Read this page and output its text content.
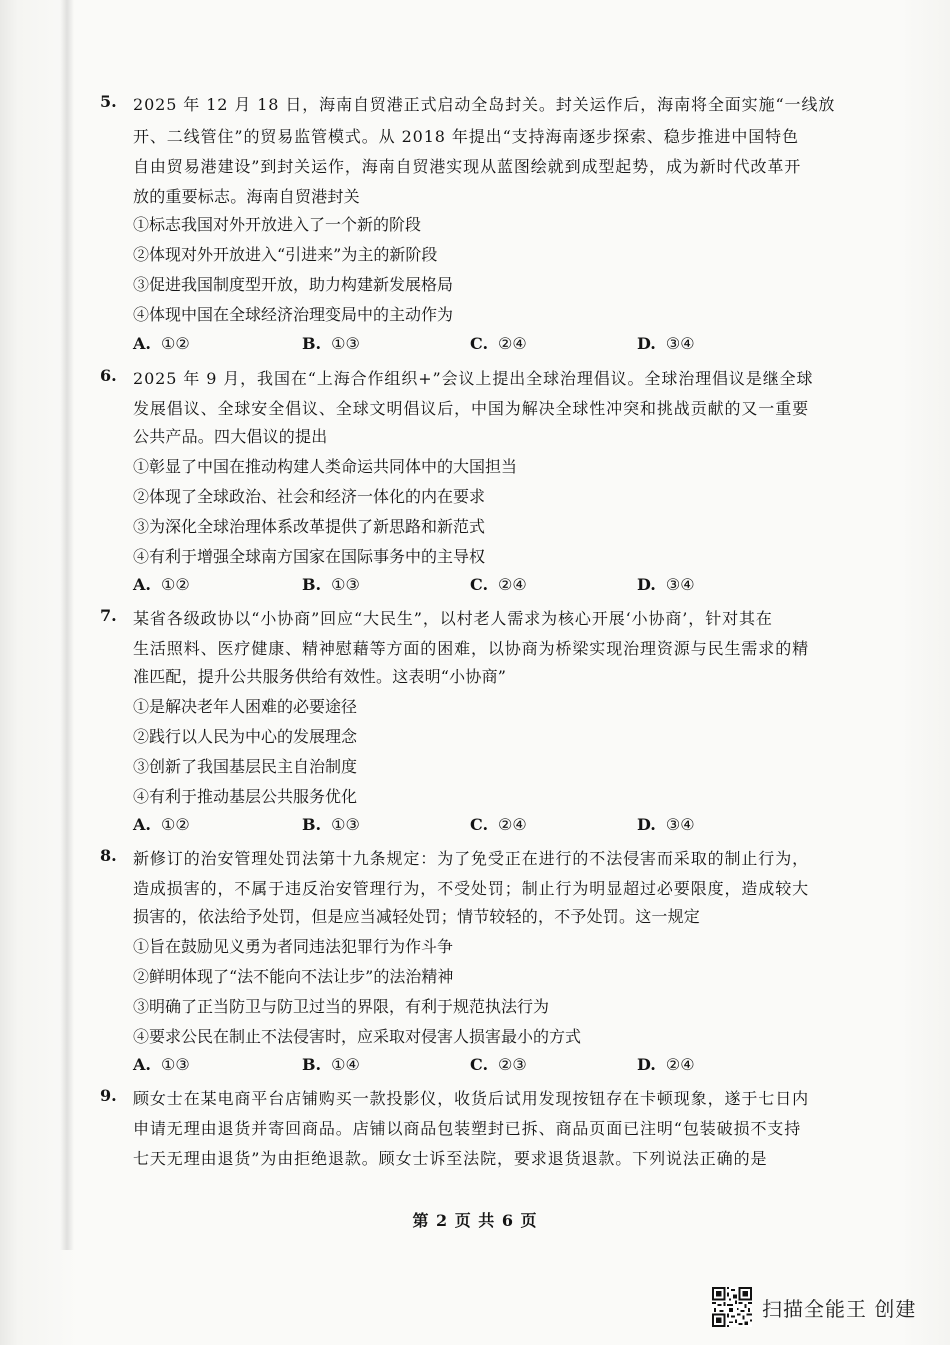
5. 2025 年 12 月 18 日，海南自贸港正式启动全岛封关。封关运作后，海南将全面实施“一线放
开、二线管住”的贸易监管模式。从 2018 年提出“支持海南逐步探索、稳步推进中国特色
自由贸易港建设”到封关运作，海南自贸港实现从蓝图绘就到成型起势，成为新时代改革开
放的重要标志。海南自贸港封关
①标志我国对外开放进入了一个新的阶段
②体现对外开放进入“引进来”为主的新阶段
③促进我国制度型开放，助力构建新发展格局
④体现中国在全球经济治理变局中的主动作为
A. ①②	B. ①③	C. ②④	D. ③④
6. 2025 年 9 月，我国在“上海合作组织+”会议上提出全球治理倡议。全球治理倡议是继全球
发展倡议、全球安全倡议、全球文明倡议后，中国为解决全球性冲突和挑战贡献的又一重要
公共产品。四大倡议的提出
①彰显了中国在推动构建人类命运共同体中的大国担当
②体现了全球政治、社会和经济一体化的内在要求
③为深化全球治理体系改革提供了新思路和新范式
④有利于增强全球南方国家在国际事务中的主导权
A. ①②	B. ①③	C. ②④	D. ③④
7. 某省各级政协以“小协商”回应“大民生”，以村老人需求为核心开展‘小协商’，针对其在
生活照料、医疗健康、精神慰藉等方面的困难，以协商为桥梁实现治理资源与民生需求的精
准匹配，提升公共服务供给有效性。这表明“小协商”
①是解决老年人困难的必要途径
②践行以人民为中心的发展理念
③创新了我国基层民主自治制度
④有利于推动基层公共服务优化
A. ①②	B. ①③	C. ②④	D. ③④
8. 新修订的治安管理处罚法第十九条规定：为了免受正在进行的不法侵害而采取的制止行为，
造成损害的，不属于违反治安管理行为，不受处罚；制止行为明显超过必要限度，造成较大
损害的，依法给予处罚，但是应当减轻处罚；情节较轻的，不予处罚。这一规定
①旨在鼓励见义勇为者同违法犯罪行为作斗争
②鲜明体现了“法不能向不法让步”的法治精神
③明确了正当防卫与防卫过当的界限，有利于规范执法行为
④要求公民在制止不法侵害时，应采取对侵害人损害最小的方式
A. ①③	B. ①④	C. ②③	D. ②④
9. 顾女士在某电商平台店铺购买一款投影仪，收货后试用发现按钮存在卡顿现象，遂于七日内
申请无理由退货并寄回商品。店铺以商品包装塑封已拆、商品页面已注明“包装破损不支持
七天无理由退货”为由拒绝退款。顾女士诉至法院，要求退货退款。下列说法正确的是
第 2 页 共 6 页
扫描全能王 创建
